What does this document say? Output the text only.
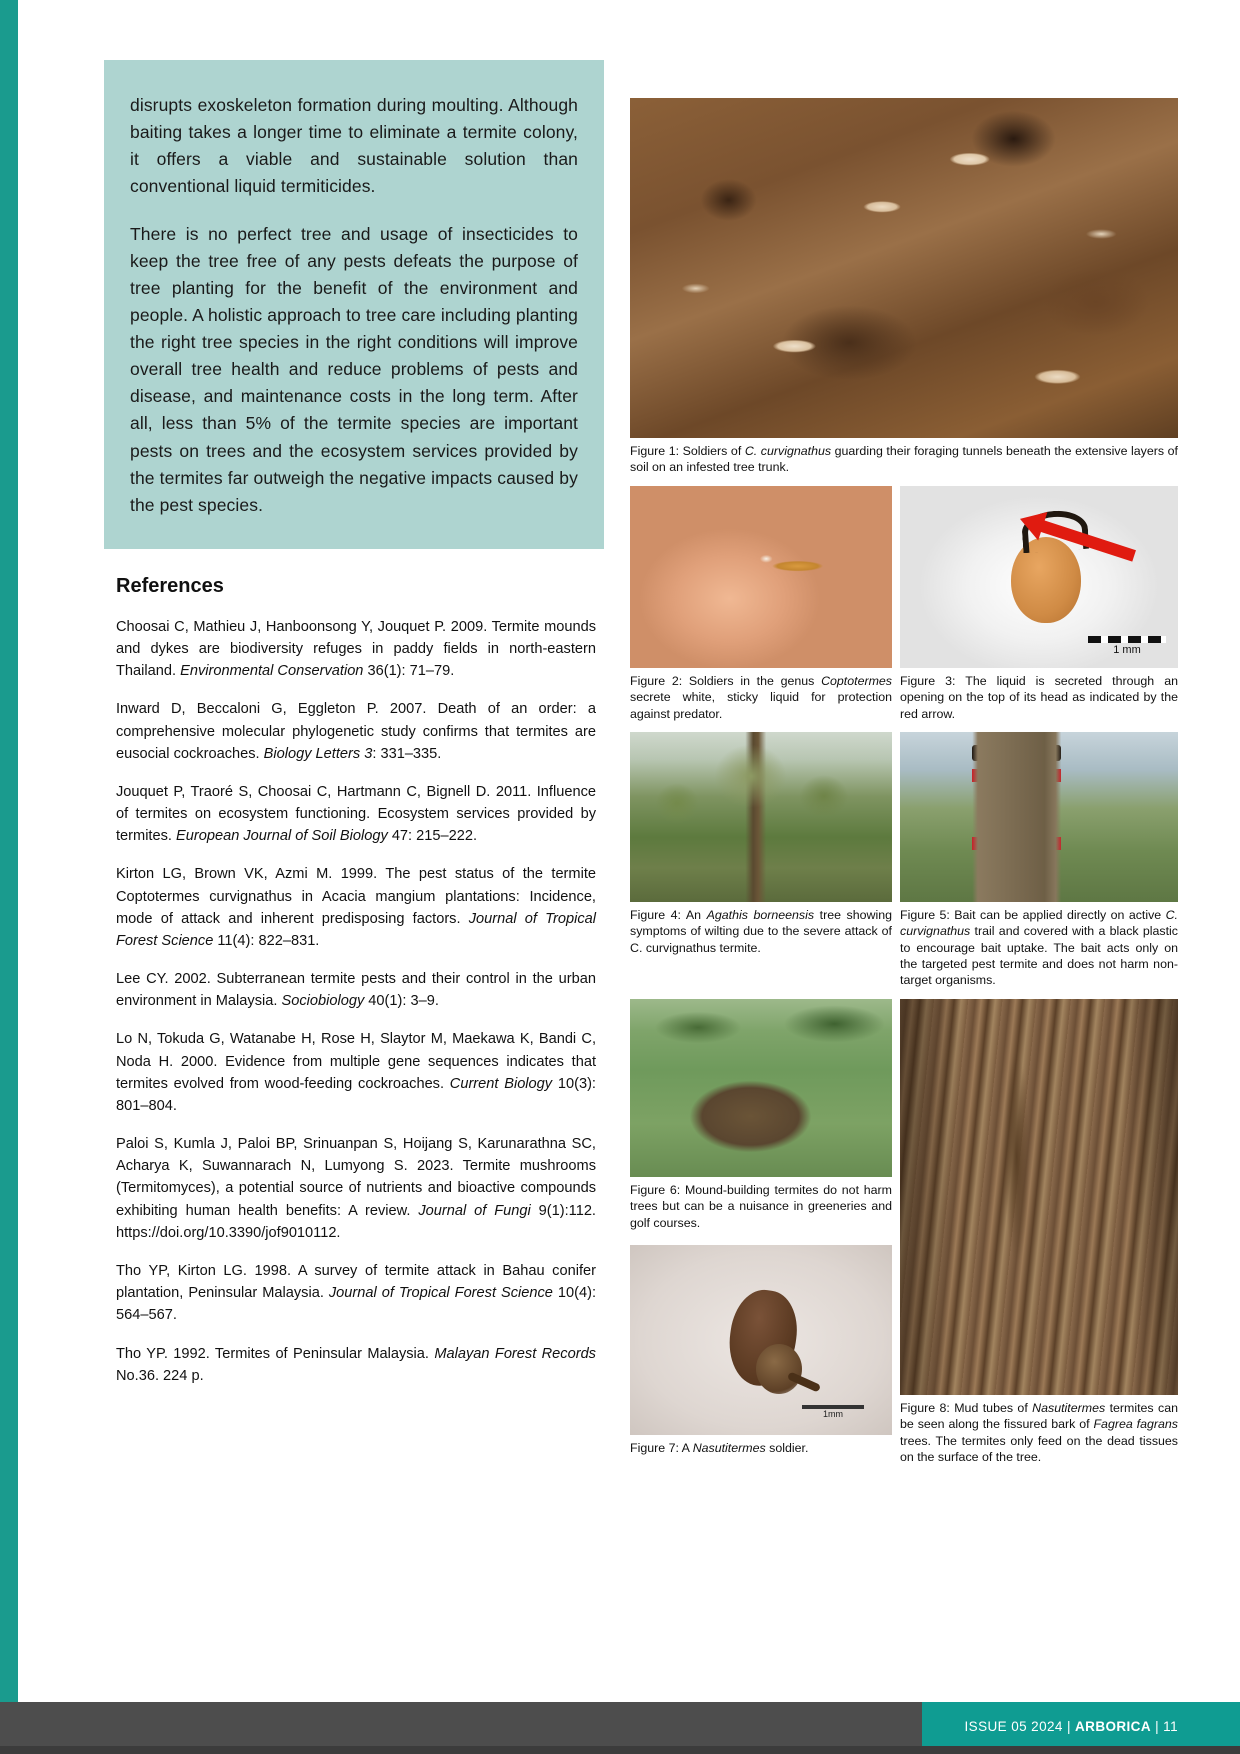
disrupts exoskeleton formation during moulting. Although baiting takes a longer time to eliminate a termite colony, it offers a viable and sustainable solution than conventional liquid termiticides.

There is no perfect tree and usage of insecticides to keep the tree free of any pests defeats the purpose of tree planting for the benefit of the environment and people. A holistic approach to tree care including planting the right tree species in the right conditions will improve overall tree health and reduce problems of pests and disease, and maintenance costs in the long term. After all, less than 5% of the termite species are important pests on trees and the ecosystem services provided by the termites far outweigh the negative impacts caused by the pest species.

References
Choosai C, Mathieu J, Hanboonsong Y, Jouquet P. 2009. Termite mounds and dykes are biodiversity refuges in paddy fields in north-eastern Thailand. Environmental Conservation 36(1): 71–79.
Inward D, Beccaloni G, Eggleton P. 2007. Death of an order: a comprehensive molecular phylogenetic study confirms that termites are eusocial cockroaches. Biology Letters 3: 331–335.
Jouquet P, Traoré S, Choosai C, Hartmann C, Bignell D. 2011. Influence of termites on ecosystem functioning. Ecosystem services provided by termites. European Journal of Soil Biology 47: 215–222.
Kirton LG, Brown VK, Azmi M. 1999. The pest status of the termite Coptotermes curvignathus in Acacia mangium plantations: Incidence, mode of attack and inherent predisposing factors. Journal of Tropical Forest Science 11(4): 822–831.
Lee CY. 2002. Subterranean termite pests and their control in the urban environment in Malaysia. Sociobiology 40(1): 3–9.
Lo N, Tokuda G, Watanabe H, Rose H, Slaytor M, Maekawa K, Bandi C, Noda H. 2000. Evidence from multiple gene sequences indicates that termites evolved from wood-feeding cockroaches. Current Biology 10(3): 801–804.
Paloi S, Kumla J, Paloi BP, Srinuanpan S, Hoijang S, Karunarathna SC, Acharya K, Suwannarach N, Lumyong S. 2023. Termite mushrooms (Termitomyces), a potential source of nutrients and bioactive compounds exhibiting human health benefits: A review. Journal of Fungi 9(1):112. https://doi.org/10.3390/jof9010112.
Tho YP, Kirton LG. 1998. A survey of termite attack in Bahau conifer plantation, Peninsular Malaysia. Journal of Tropical Forest Science 10(4): 564–567.
Tho YP. 1992. Termites of Peninsular Malaysia. Malayan Forest Records No.36. 224 p.
Figure 1: Soldiers of C. curvignathus guarding their foraging tunnels beneath the extensive layers of soil on an infested tree trunk.
Figure 2: Soldiers in the genus Coptotermes secrete white, sticky liquid for protection against predator.
1 mm
Figure 3: The liquid is secreted through an opening on the top of its head as indicated by the red arrow.
Figure 4: An Agathis borneensis tree showing symptoms of wilting due to the severe attack of C. curvignathus termite.
Figure 5: Bait can be applied directly on active C. curvignathus trail and covered with a black plastic to encourage bait uptake. The bait acts only on the targeted pest termite and does not harm non-target organisms.
Figure 6: Mound-building termites do not harm trees but can be a nuisance in greeneries and golf courses.
1mm
Figure 7: A Nasutitermes soldier.
Figure 8: Mud tubes of Nasutitermes termites can be seen along the fissured bark of Fagrea fagrans trees. The termites only feed on the dead tissues on the surface of the tree.
ISSUE 05 2024 | ARBORICA | 11
